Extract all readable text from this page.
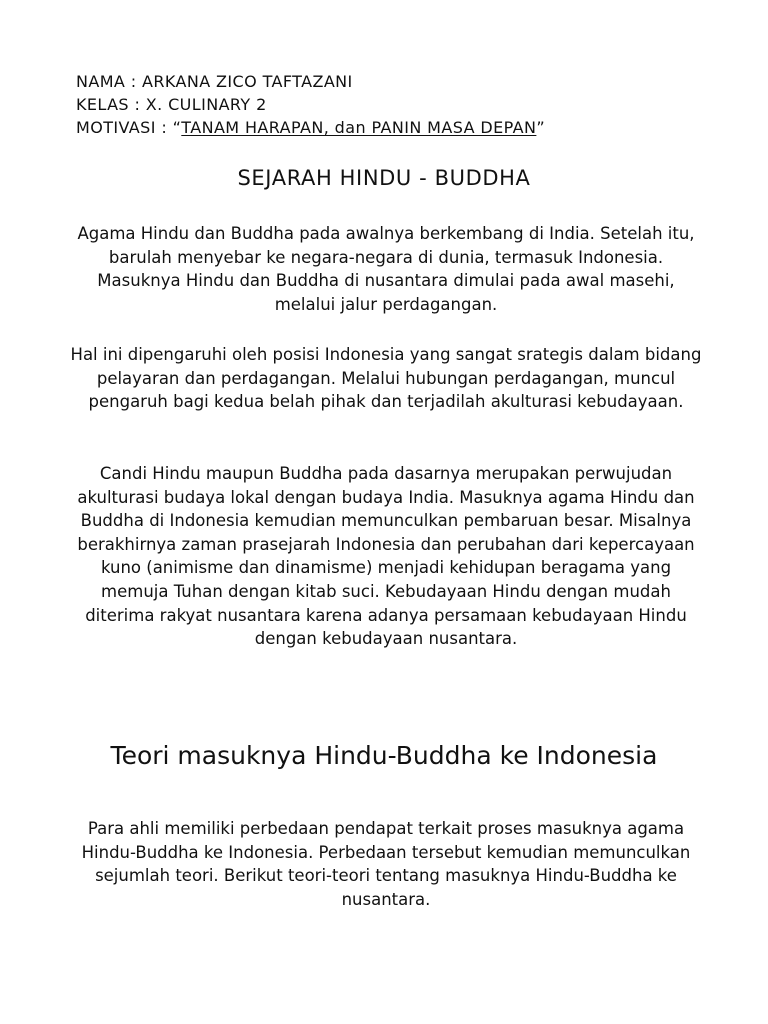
NAMA : ARKANA ZICO TAFTAZANI
KELAS : X. CULINARY 2
MOTIVASI : “TANAM HARAPAN, dan PANIN MASA DEPAN”
SEJARAH HINDU - BUDDHA
Agama Hindu dan Buddha pada awalnya berkembang di India. Setelah itu, barulah menyebar ke negara-negara di dunia, termasuk Indonesia. Masuknya Hindu dan Buddha di nusantara dimulai pada awal masehi, melalui jalur perdagangan.
Hal ini dipengaruhi oleh posisi Indonesia yang sangat srategis dalam bidang pelayaran dan perdagangan. Melalui hubungan perdagangan, muncul pengaruh bagi kedua belah pihak dan terjadilah akulturasi kebudayaan.
Candi Hindu maupun Buddha pada dasarnya merupakan perwujudan akulturasi budaya lokal dengan budaya India. Masuknya agama Hindu dan Buddha di Indonesia kemudian memunculkan pembaruan besar. Misalnya berakhirnya zaman prasejarah Indonesia dan perubahan dari kepercayaan kuno (animisme dan dinamisme) menjadi kehidupan beragama yang memuja Tuhan dengan kitab suci. Kebudayaan Hindu dengan mudah diterima rakyat nusantara karena adanya persamaan kebudayaan Hindu dengan kebudayaan nusantara.
Teori masuknya Hindu-Buddha ke Indonesia
Para ahli memiliki perbedaan pendapat terkait proses masuknya agama Hindu-Buddha ke Indonesia. Perbedaan tersebut kemudian memunculkan sejumlah teori. Berikut teori-teori tentang masuknya Hindu-Buddha ke nusantara.
